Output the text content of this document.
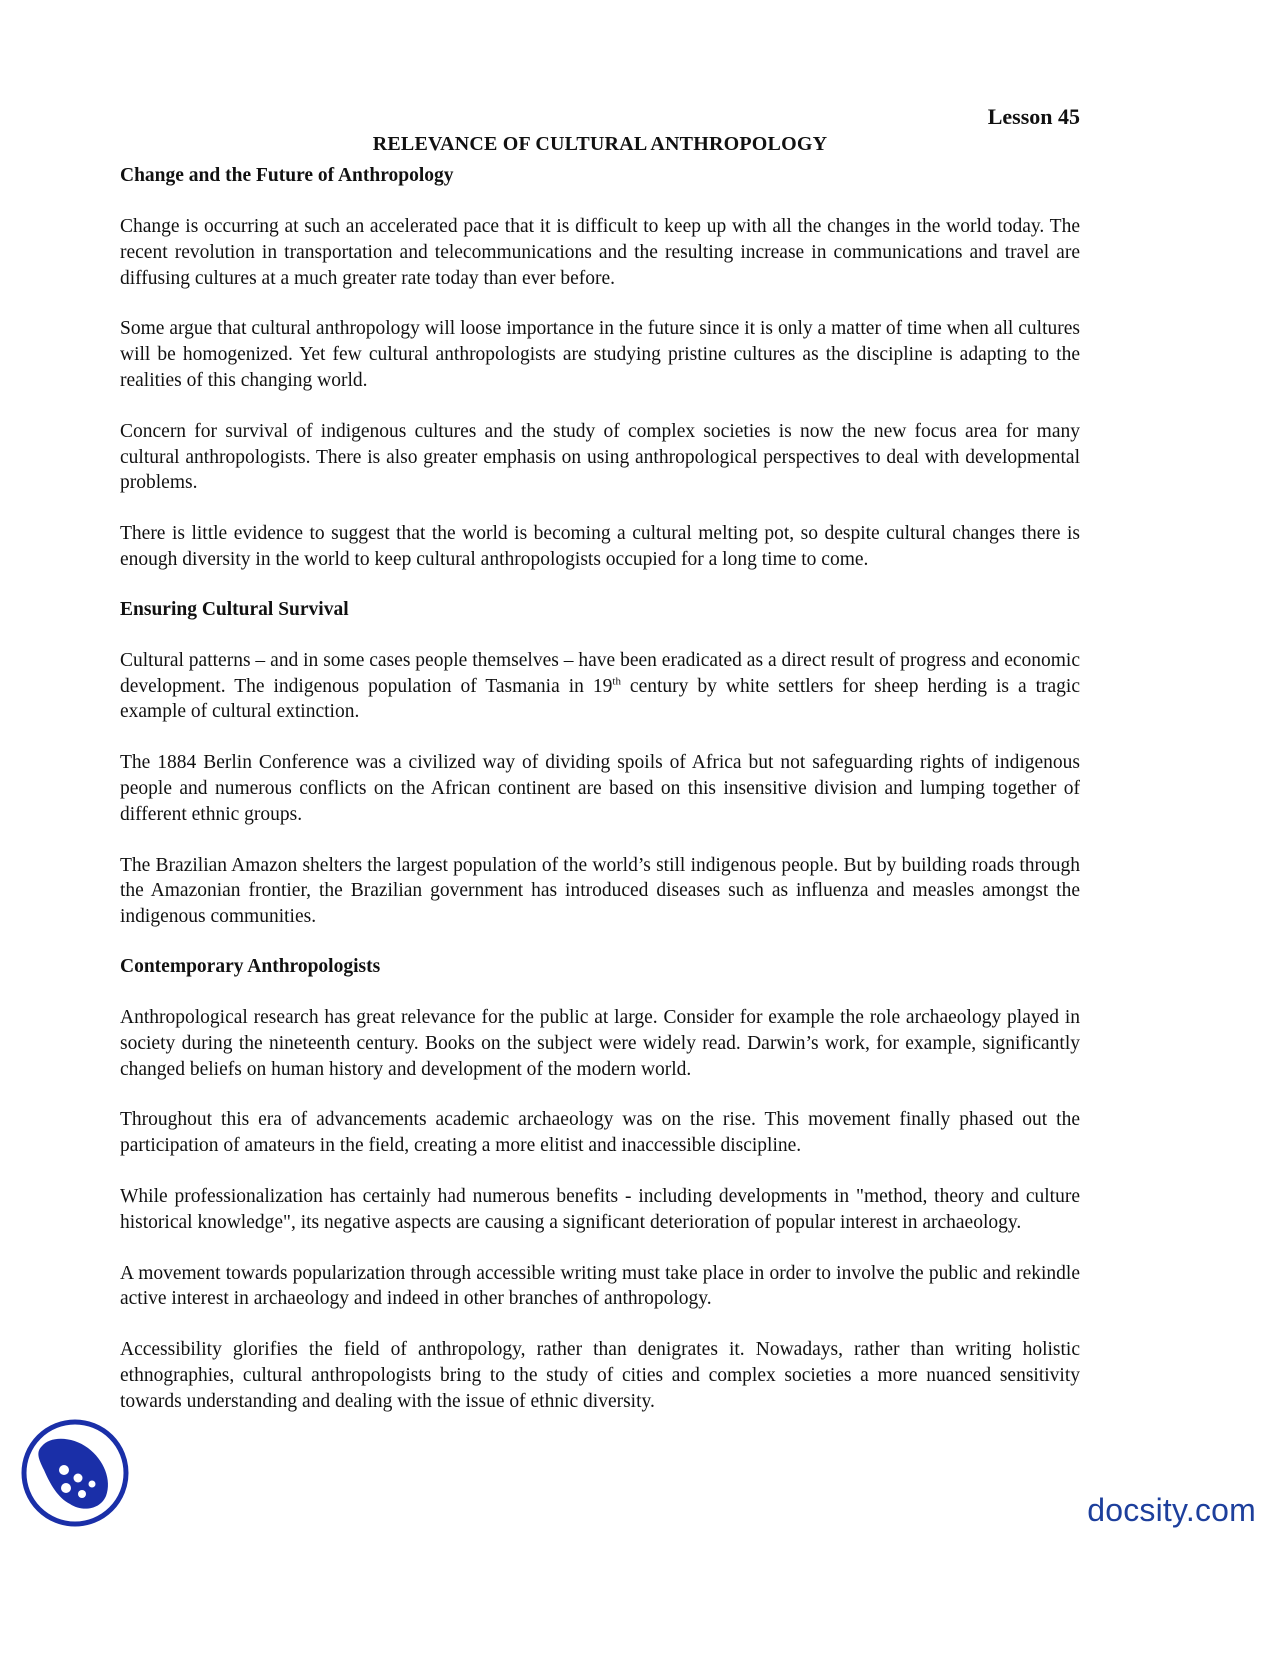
Lesson 45

RELEVANCE OF CULTURAL ANTHROPOLOGY

Change and the Future of Anthropology

Change is occurring at such an accelerated pace that it is difficult to keep up with all the changes in the world today. The recent revolution in transportation and telecommunications and the resulting increase in communications and travel are diffusing cultures at a much greater rate today than ever before.

Some argue that cultural anthropology will loose importance in the future since it is only a matter of time when all cultures will be homogenized. Yet few cultural anthropologists are studying pristine cultures as the discipline is adapting to the realities of this changing world.

Concern for survival of indigenous cultures and the study of complex societies is now the new focus area for many cultural anthropologists. There is also greater emphasis on using anthropological perspectives to deal with developmental problems.

There is little evidence to suggest that the world is becoming a cultural melting pot, so despite cultural changes there is enough diversity in the world to keep cultural anthropologists occupied for a long time to come.

Ensuring Cultural Survival

Cultural patterns – and in some cases people themselves – have been eradicated as a direct result of progress and economic development. The indigenous population of Tasmania in 19th century by white settlers for sheep herding is a tragic example of cultural extinction.

The 1884 Berlin Conference was a civilized way of dividing spoils of Africa but not safeguarding rights of indigenous people and numerous conflicts on the African continent are based on this insensitive division and lumping together of different ethnic groups.

The Brazilian Amazon shelters the largest population of the world’s still indigenous people. But by building roads through the Amazonian frontier, the Brazilian government has introduced diseases such as influenza and measles amongst the indigenous communities.

Contemporary Anthropologists

Anthropological research has great relevance for the public at large. Consider for example the role archaeology played in society during the nineteenth century. Books on the subject were widely read. Darwin’s work, for example, significantly changed beliefs on human history and development of the modern world.

Throughout this era of advancements academic archaeology was on the rise. This movement finally phased out the participation of amateurs in the field, creating a more elitist and inaccessible discipline.

While professionalization has certainly had numerous benefits - including developments in "method, theory and culture historical knowledge", its negative aspects are causing a significant deterioration of popular interest in archaeology.

A movement towards popularization through accessible writing must take place in order to involve the public and rekindle active interest in archaeology and indeed in other branches of anthropology.

Accessibility glorifies the field of anthropology, rather than denigrates it. Nowadays, rather than writing holistic ethnographies, cultural anthropologists bring to the study of cities and complex societies a more nuanced sensitivity towards understanding and dealing with the issue of ethnic diversity.

docsity.com
